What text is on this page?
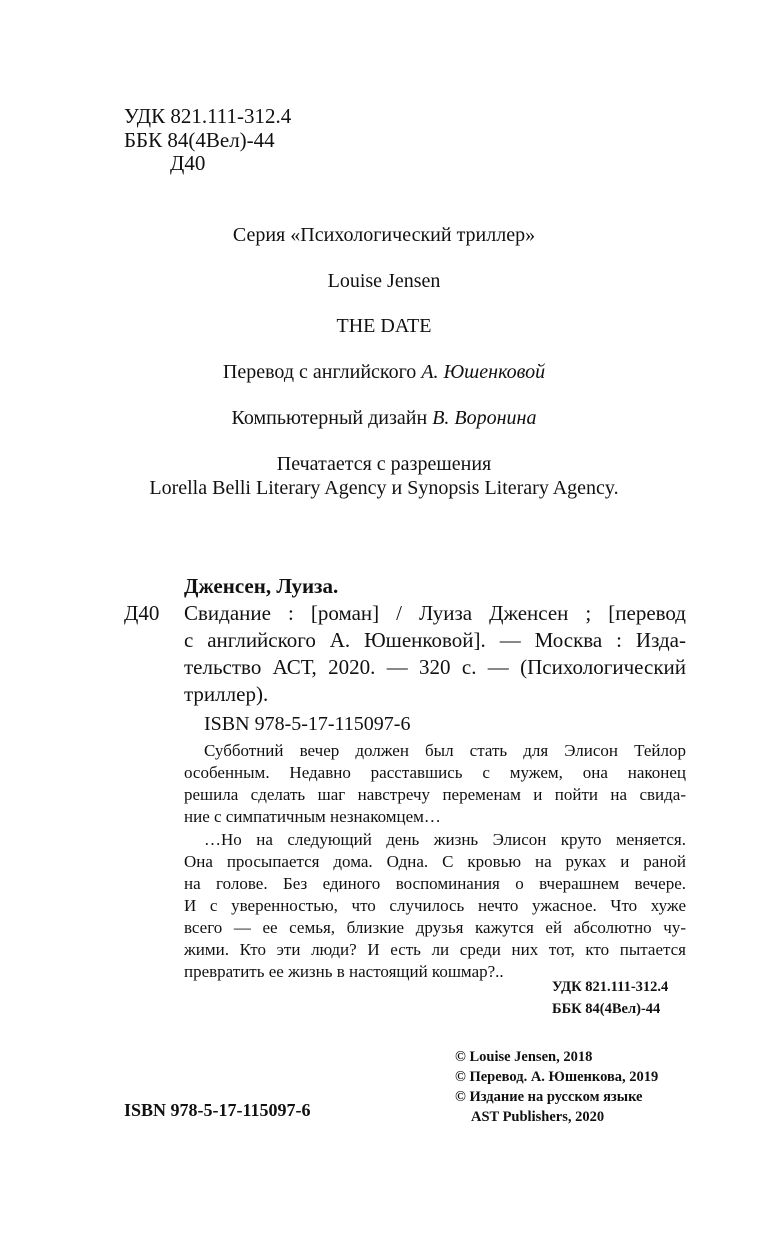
УДК 821.111-312.4
ББК 84(4Вел)-44
Д40
Серия «Психологический триллер»
Louise Jensen
THE DATE
Перевод с английского А. Юшенковой
Компьютерный дизайн В. Воронина
Печатается с разрешения
Lorella Belli Literary Agency и Synopsis Literary Agency.
Дженсен, Луиза.
Д40 Свидание : [роман] / Луиза Дженсен ; [перевод
с английского А. Юшенковой]. — Москва : Изда-
тельство АСТ, 2020. — 320 с. — (Психологический
триллер).
ISBN 978-5-17-115097-6
Субботний вечер должен был стать для Элисон Тейлор
особенным. Недавно расставшись с мужем, она наконец
решила сделать шаг навстречу переменам и пойти на свида-
ние с симпатичным незнакомцем…
…Но на следующий день жизнь Элисон круто меняется.
Она просыпается дома. Одна. С кровью на руках и раной
на голове. Без единого воспоминания о вчерашнем вечере.
И с уверенностью, что случилось нечто ужасное. Что хуже
всего — ее семья, близкие друзья кажутся ей абсолютно чу-
жими. Кто эти люди? И есть ли среди них тот, кто пытается
превратить ее жизнь в настоящий кошмар?..
УДК 821.111-312.4
ББК 84(4Вел)-44
ISBN 978-5-17-115097-6
© Louise Jensen, 2018
© Перевод. А. Юшенкова, 2019
© Издание на русском языке
AST Publishers, 2020
